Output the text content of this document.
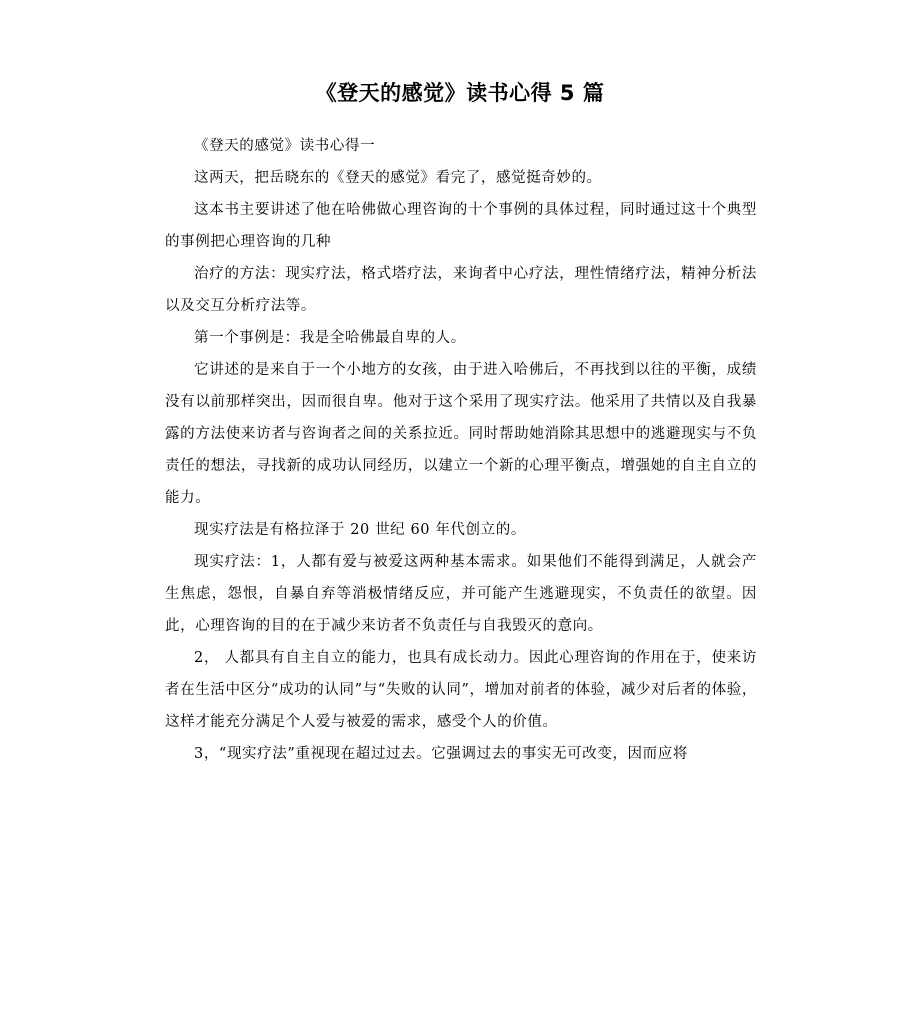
《登天的感觉》读书心得 5 篇

《登天的感觉》读书心得一

这两天，把岳晓东的《登天的感觉》看完了，感觉挺奇妙的。

这本书主要讲述了他在哈佛做心理咨询的十个事例的具体过程，同时通过这十个典型的事例把心理咨询的几种

治疗的方法：现实疗法，格式塔疗法，来询者中心疗法，理性情绪疗法，精神分析法以及交互分析疗法等。

第一个事例是：我是全哈佛最自卑的人。

它讲述的是来自于一个小地方的女孩，由于进入哈佛后，不再找到以往的平衡，成绩没有以前那样突出，因而很自卑。他对于这个采用了现实疗法。他采用了共情以及自我暴露的方法使来访者与咨询者之间的关系拉近。同时帮助她消除其思想中的逃避现实与不负责任的想法，寻找新的成功认同经历，以建立一个新的心理平衡点，增强她的自主自立的能力。

现实疗法是有格拉泽于 20 世纪 60 年代创立的。

现实疗法：1，人都有爱与被爱这两种基本需求。如果他们不能得到满足，人就会产生焦虑，怨恨，自暴自弃等消极情绪反应，并可能产生逃避现实，不负责任的欲望。因此，心理咨询的目的在于减少来访者不负责任与自我毁灭的意向。

2， 人都具有自主自立的能力，也具有成长动力。因此心理咨询的作用在于，使来访者在生活中区分“成功的认同”与“失败的认同”，增加对前者的体验，减少对后者的体验，这样才能充分满足个人爱与被爱的需求，感受个人的价值。

3，“现实疗法”重视现在超过过去。它强调过去的事实无可改变，因而应将
